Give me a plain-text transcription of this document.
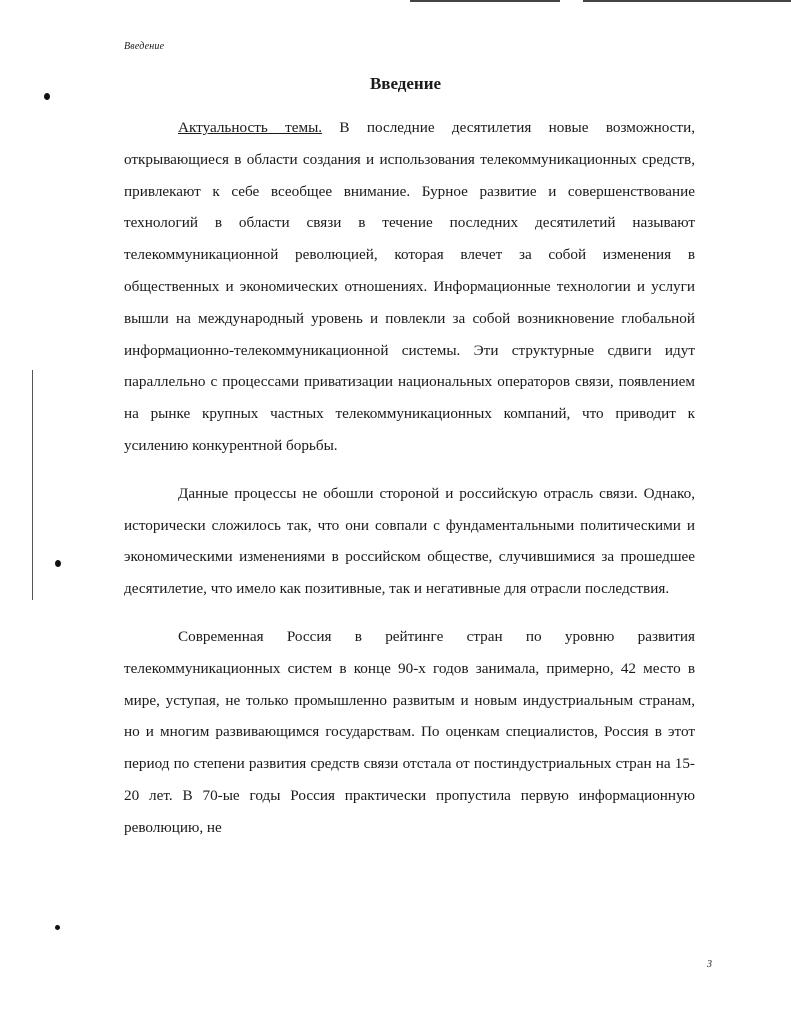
Введение
Введение

Актуальность темы. В последние десятилетия новые возможности, открывающиеся в области создания и использования телекоммуникационных средств, привлекают к себе всеобщее внимание. Бурное развитие и совершенствование технологий в области связи в течение последних десятилетий называют телекоммуникационной революцией, которая влечет за собой изменения в общественных и экономических отношениях. Информационные технологии и услуги вышли на международный уровень и повлекли за собой возникновение глобальной информационно-телекоммуникационной системы. Эти структурные сдвиги идут параллельно с процессами приватизации национальных операторов связи, появлением на рынке крупных частных телекоммуникационных компаний, что приводит к усилению конкурентной борьбы.

Данные процессы не обошли стороной и российскую отрасль связи. Однако, исторически сложилось так, что они совпали с фундаментальными политическими и экономическими изменениями в российском обществе, случившимися за прошедшее десятилетие, что имело как позитивные, так и негативные для отрасли последствия.

Современная Россия в рейтинге стран по уровню развития телекоммуникационных систем в конце 90-х годов занимала, примерно, 42 место в мире, уступая, не только промышленно развитым и новым индустриальным странам, но и многим развивающимся государствам. По оценкам специалистов, Россия в этот период по степени развития средств связи отстала от постиндустриальных стран на 15-20 лет. В 70-ые годы Россия практически пропустила первую информационную революцию, не

3
